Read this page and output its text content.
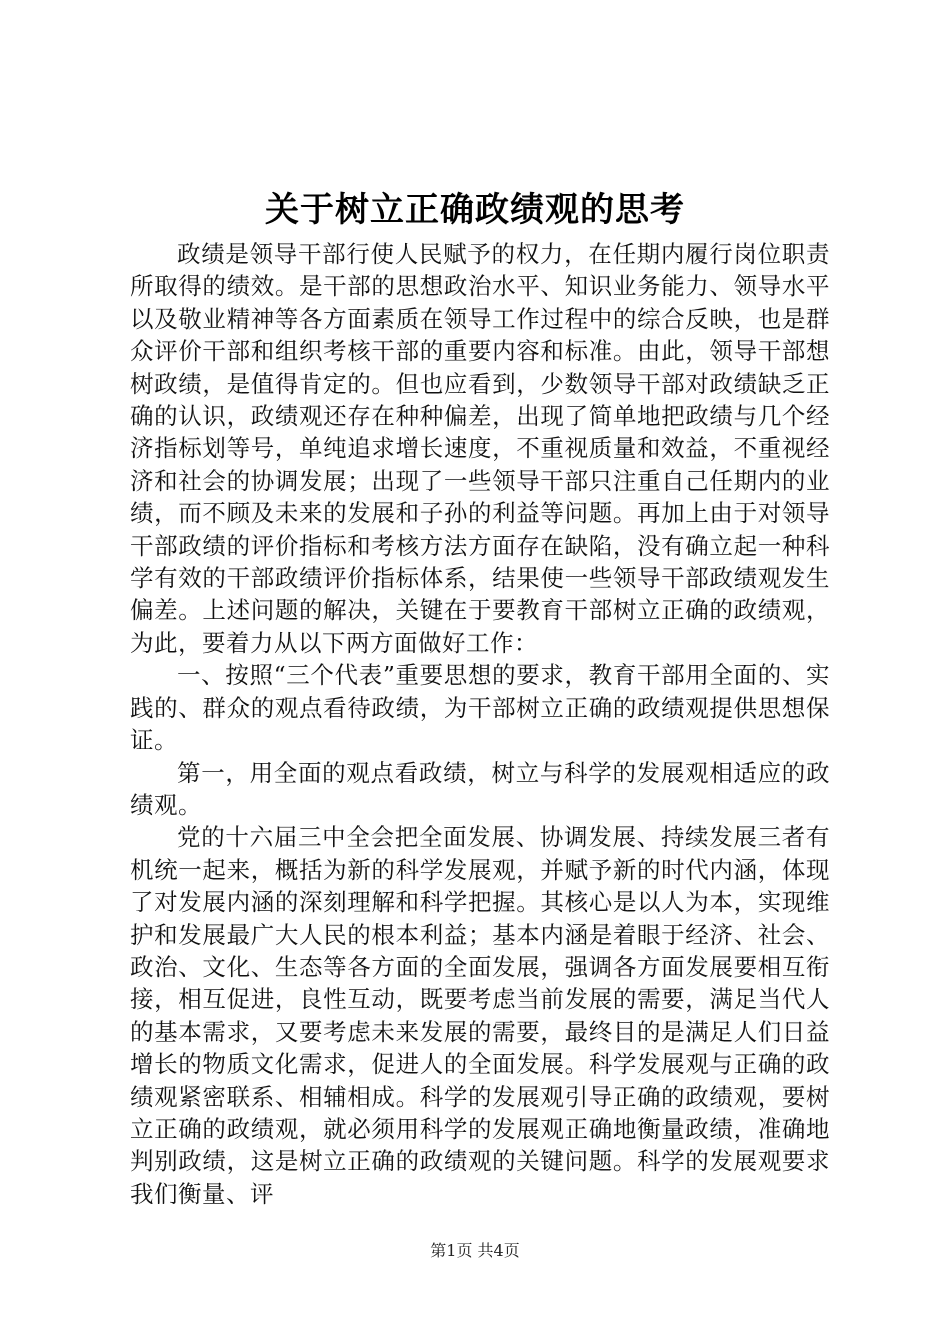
关于树立正确政绩观的思考

政绩是领导干部行使人民赋予的权力，在任期内履行岗位职责所取得的绩效。是干部的思想政治水平、知识业务能力、领导水平以及敬业精神等各方面素质在领导工作过程中的综合反映，也是群众评价干部和组织考核干部的重要内容和标准。由此，领导干部想树政绩，是值得肯定的。但也应看到，少数领导干部对政绩缺乏正确的认识，政绩观还存在种种偏差，出现了简单地把政绩与几个经济指标划等号，单纯追求增长速度，不重视质量和效益，不重视经济和社会的协调发展；出现了一些领导干部只注重自己任期内的业绩，而不顾及未来的发展和子孙的利益等问题。再加上由于对领导干部政绩的评价指标和考核方法方面存在缺陷，没有确立起一种科学有效的干部政绩评价指标体系，结果使一些领导干部政绩观发生偏差。上述问题的解决，关键在于要教育干部树立正确的政绩观，为此，要着力从以下两方面做好工作：

一、按照“三个代表”重要思想的要求，教育干部用全面的、实践的、群众的观点看待政绩，为干部树立正确的政绩观提供思想保证。

第一，用全面的观点看政绩，树立与科学的发展观相适应的政绩观。

党的十六届三中全会把全面发展、协调发展、持续发展三者有机统一起来，概括为新的科学发展观，并赋予新的时代内涵，体现了对发展内涵的深刻理解和科学把握。其核心是以人为本，实现维护和发展最广大人民的根本利益；基本内涵是着眼于经济、社会、政治、文化、生态等各方面的全面发展，强调各方面发展要相互衔接，相互促进，良性互动，既要考虑当前发展的需要，满足当代人的基本需求，又要考虑未来发展的需要，最终目的是满足人们日益增长的物质文化需求，促进人的全面发展。科学发展观与正确的政绩观紧密联系、相辅相成。科学的发展观引导正确的政绩观，要树立正确的政绩观，就必须用科学的发展观正确地衡量政绩，准确地判别政绩，这是树立正确的政绩观的关键问题。科学的发展观要求我们衡量、评

第1页 共4页
